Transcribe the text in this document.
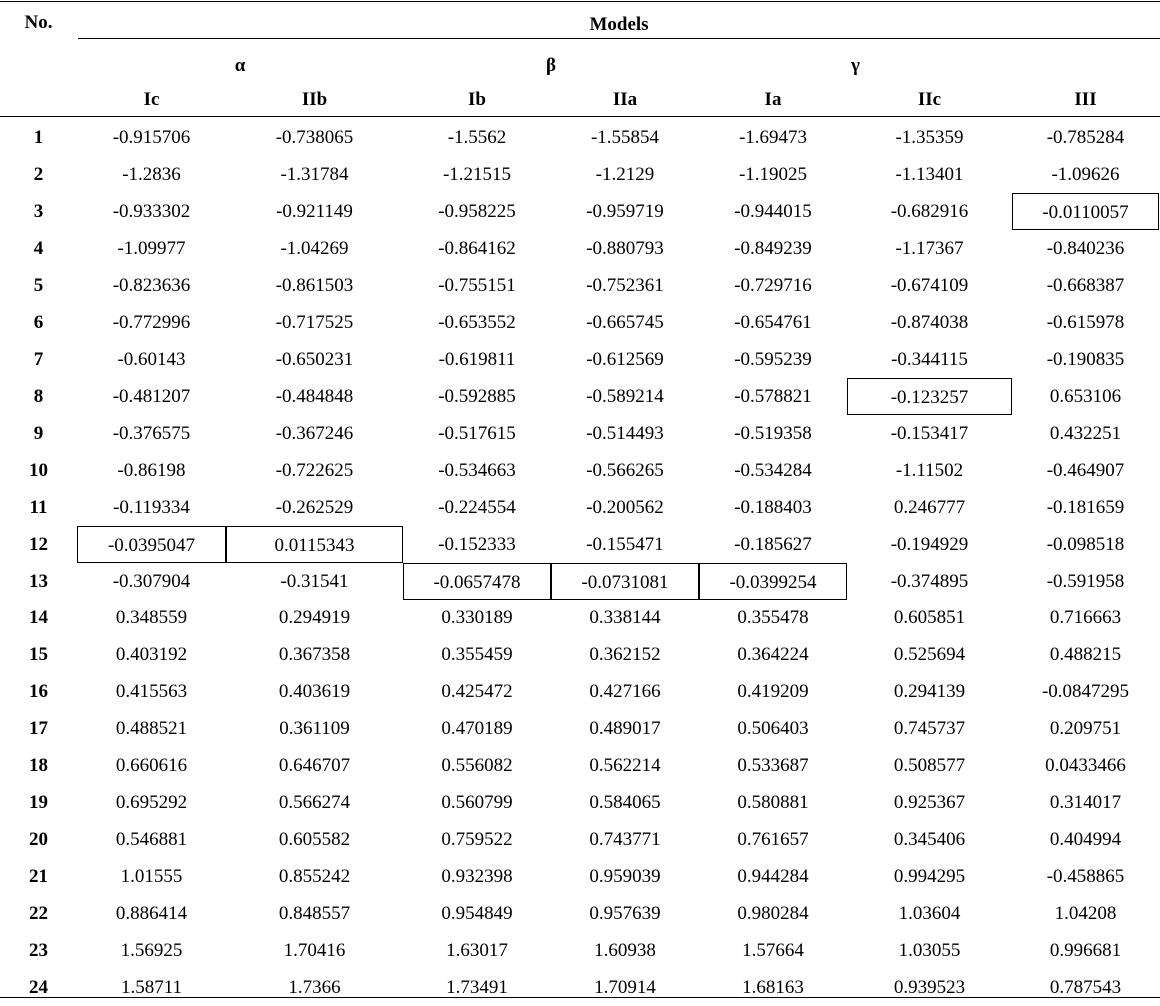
No.	Models
α	β	γ
Ic	IIb	Ib	IIa	Ia	IIc	III
1	-0.915706	-0.738065	-1.5562	-1.55854	-1.69473	-1.35359	-0.785284
2	-1.2836	-1.31784	-1.21515	-1.2129	-1.19025	-1.13401	-1.09626
3	-0.933302	-0.921149	-0.958225	-0.959719	-0.944015	-0.682916	-0.0110057
4	-1.09977	-1.04269	-0.864162	-0.880793	-0.849239	-1.17367	-0.840236
5	-0.823636	-0.861503	-0.755151	-0.752361	-0.729716	-0.674109	-0.668387
6	-0.772996	-0.717525	-0.653552	-0.665745	-0.654761	-0.874038	-0.615978
7	-0.60143	-0.650231	-0.619811	-0.612569	-0.595239	-0.344115	-0.190835
8	-0.481207	-0.484848	-0.592885	-0.589214	-0.578821	-0.123257	0.653106
9	-0.376575	-0.367246	-0.517615	-0.514493	-0.519358	-0.153417	0.432251
10	-0.86198	-0.722625	-0.534663	-0.566265	-0.534284	-1.11502	-0.464907
11	-0.119334	-0.262529	-0.224554	-0.200562	-0.188403	0.246777	-0.181659
12	-0.0395047	0.0115343	-0.152333	-0.155471	-0.185627	-0.194929	-0.098518
13	-0.307904	-0.31541	-0.0657478	-0.0731081	-0.0399254	-0.374895	-0.591958
14	0.348559	0.294919	0.330189	0.338144	0.355478	0.605851	0.716663
15	0.403192	0.367358	0.355459	0.362152	0.364224	0.525694	0.488215
16	0.415563	0.403619	0.425472	0.427166	0.419209	0.294139	-0.0847295
17	0.488521	0.361109	0.470189	0.489017	0.506403	0.745737	0.209751
18	0.660616	0.646707	0.556082	0.562214	0.533687	0.508577	0.0433466
19	0.695292	0.566274	0.560799	0.584065	0.580881	0.925367	0.314017
20	0.546881	0.605582	0.759522	0.743771	0.761657	0.345406	0.404994
21	1.01555	0.855242	0.932398	0.959039	0.944284	0.994295	-0.458865
22	0.886414	0.848557	0.954849	0.957639	0.980284	1.03604	1.04208
23	1.56925	1.70416	1.63017	1.60938	1.57664	1.03055	0.996681
24	1.58711	1.7366	1.73491	1.70914	1.68163	0.939523	0.787543
